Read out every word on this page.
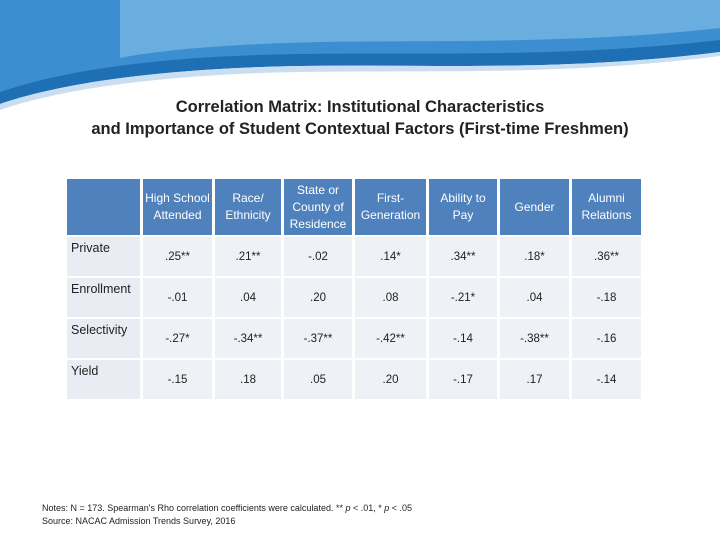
Correlation Matrix: Institutional Characteristics
and Importance of Student Contextual Factors (First-time Freshmen)
	High School Attended	Race/ Ethnicity	State or County of Residence	First-Generation	Ability to Pay	Gender	Alumni Relations
Private	.25**	.21**	-.02	.14*	.34**	.18*	.36**
Enrollment	-.01	.04	.20	.08	-.21*	.04	-.18
Selectivity	-.27*	-.34**	-.37**	-.42**	-.14	-.38**	-.16
Yield	-.15	.18	.05	.20	-.17	.17	-.14
Notes: N = 173. Spearman's Rho correlation coefficients were calculated. ** p < .01, * p < .05
Source: NACAC Admission Trends Survey, 2016
